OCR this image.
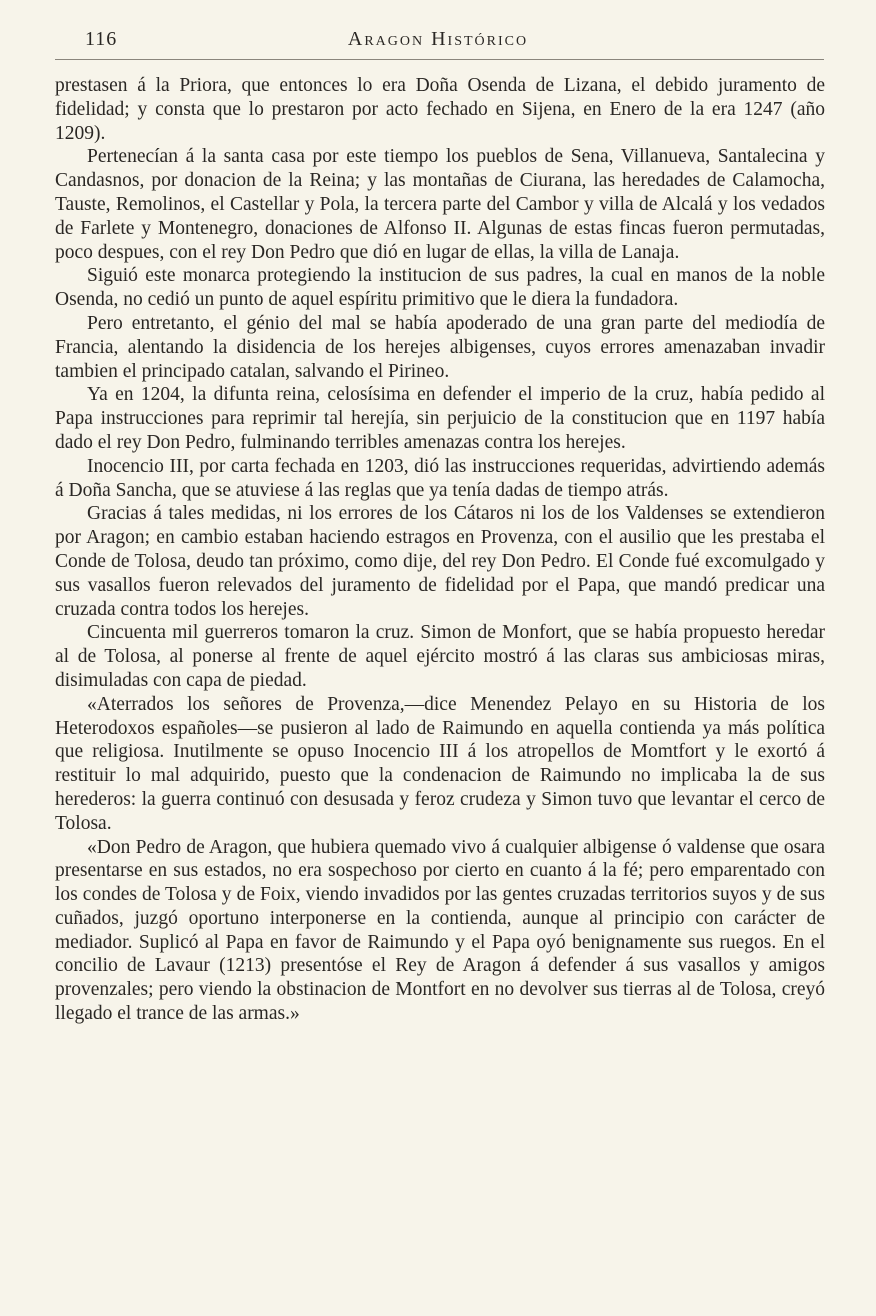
116	Aragon Histórico

prestasen á la Priora, que entonces lo era Doña Osenda de Lizana, el debido juramento de fidelidad; y consta que lo prestaron por acto fechado en Sijena, en Enero de la era 1247 (año 1209).

Pertenecían á la santa casa por este tiempo los pueblos de Sena, Villanueva, Santalecina y Candasnos, por donacion de la Reina; y las montañas de Ciurana, las heredades de Calamocha, Tauste, Remolinos, el Castellar y Pola, la tercera parte del Cambor y villa de Alcalá y los vedados de Farlete y Montenegro, donaciones de Alfonso II. Algunas de estas fincas fueron permutadas, poco despues, con el rey Don Pedro que dió en lugar de ellas, la villa de Lanaja.

Siguió este monarca protegiendo la institucion de sus padres, la cual en manos de la noble Osenda, no cedió un punto de aquel espíritu primitivo que le diera la fundadora.

Pero entretanto, el génio del mal se había apoderado de una gran parte del mediodía de Francia, alentando la disidencia de los herejes albigenses, cuyos errores amenazaban invadir tambien el principado catalan, salvando el Pirineo.

Ya en 1204, la difunta reina, celosísima en defender el imperio de la cruz, había pedido al Papa instrucciones para reprimir tal herejía, sin perjuicio de la constitucion que en 1197 había dado el rey Don Pedro, fulminando terribles amenazas contra los herejes.

Inocencio III, por carta fechada en 1203, dió las instrucciones requeridas, advirtiendo además á Doña Sancha, que se atuviese á las reglas que ya tenía dadas de tiempo atrás.

Gracias á tales medidas, ni los errores de los Cátaros ni los de los Valdenses se extendieron por Aragon; en cambio estaban haciendo estragos en Provenza, con el ausilio que les prestaba el Conde de Tolosa, deudo tan próximo, como dije, del rey Don Pedro. El Conde fué excomulgado y sus vasallos fueron relevados del juramento de fidelidad por el Papa, que mandó predicar una cruzada contra todos los herejes.

Cincuenta mil guerreros tomaron la cruz. Simon de Monfort, que se había propuesto heredar al de Tolosa, al ponerse al frente de aquel ejército mostró á las claras sus ambiciosas miras, disimuladas con capa de piedad.

«Aterrados los señores de Provenza,—dice Menendez Pelayo en su Historia de los Heterodoxos españoles—se pusieron al lado de Raimundo en aquella contienda ya más política que religiosa. Inutilmente se opuso Inocencio III á los atropellos de Momtfort y le exortó á restituir lo mal adquirido, puesto que la condenacion de Raimundo no implicaba la de sus herederos: la guerra continuó con desusada y feroz crudeza y Simon tuvo que levantar el cerco de Tolosa.

«Don Pedro de Aragon, que hubiera quemado vivo á cualquier albigense ó valdense que osara presentarse en sus estados, no era sospechoso por cierto en cuanto á la fé; pero emparentado con los condes de Tolosa y de Foix, viendo invadidos por las gentes cruzadas territorios suyos y de sus cuñados, juzgó oportuno interponerse en la contienda, aunque al principio con carácter de mediador. Suplicó al Papa en favor de Raimundo y el Papa oyó benignamente sus ruegos. En el concilio de Lavaur (1213) presentóse el Rey de Aragon á defender á sus vasallos y amigos provenzales; pero viendo la obstinacion de Montfort en no devolver sus tierras al de Tolosa, creyó llegado el trance de las armas.»
